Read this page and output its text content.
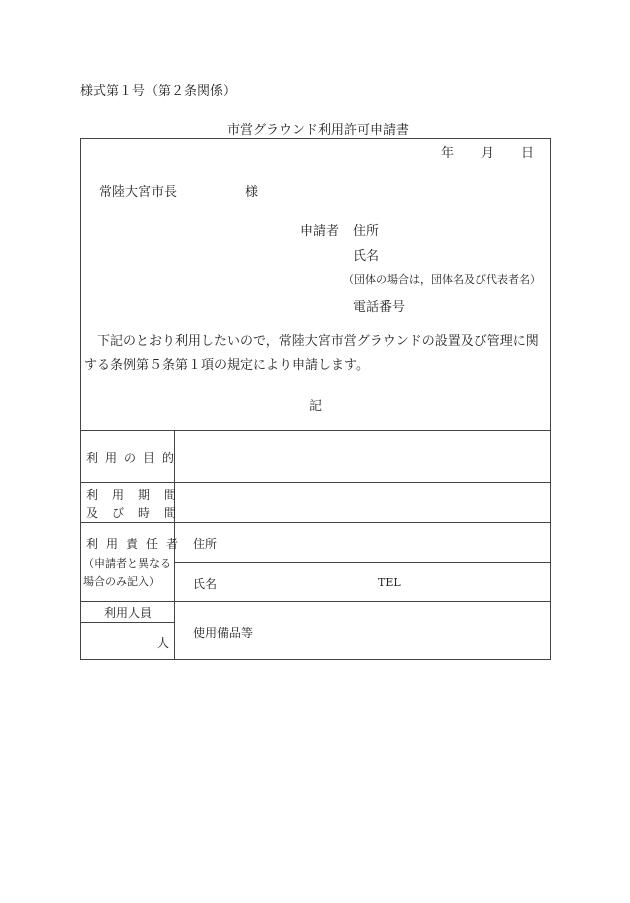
様式第１号（第２条関係）
市営グラウンド利用許可申請書
年 月 日
常陸大宮市長	様
申請者 住所
氏名
（団体の場合は，団体名及び代表者名）
電話番号
下記のとおり利用したいので，常陸大宮市営グラウンドの設置及び管理に関する条例第５条第１項の規定により申請します。
記
利用の目的
利用期間
及び時間
利用責任者
（申請者と異なる
場合のみ記入）
住所
氏名	TEL
利用人員
人
使用備品等
